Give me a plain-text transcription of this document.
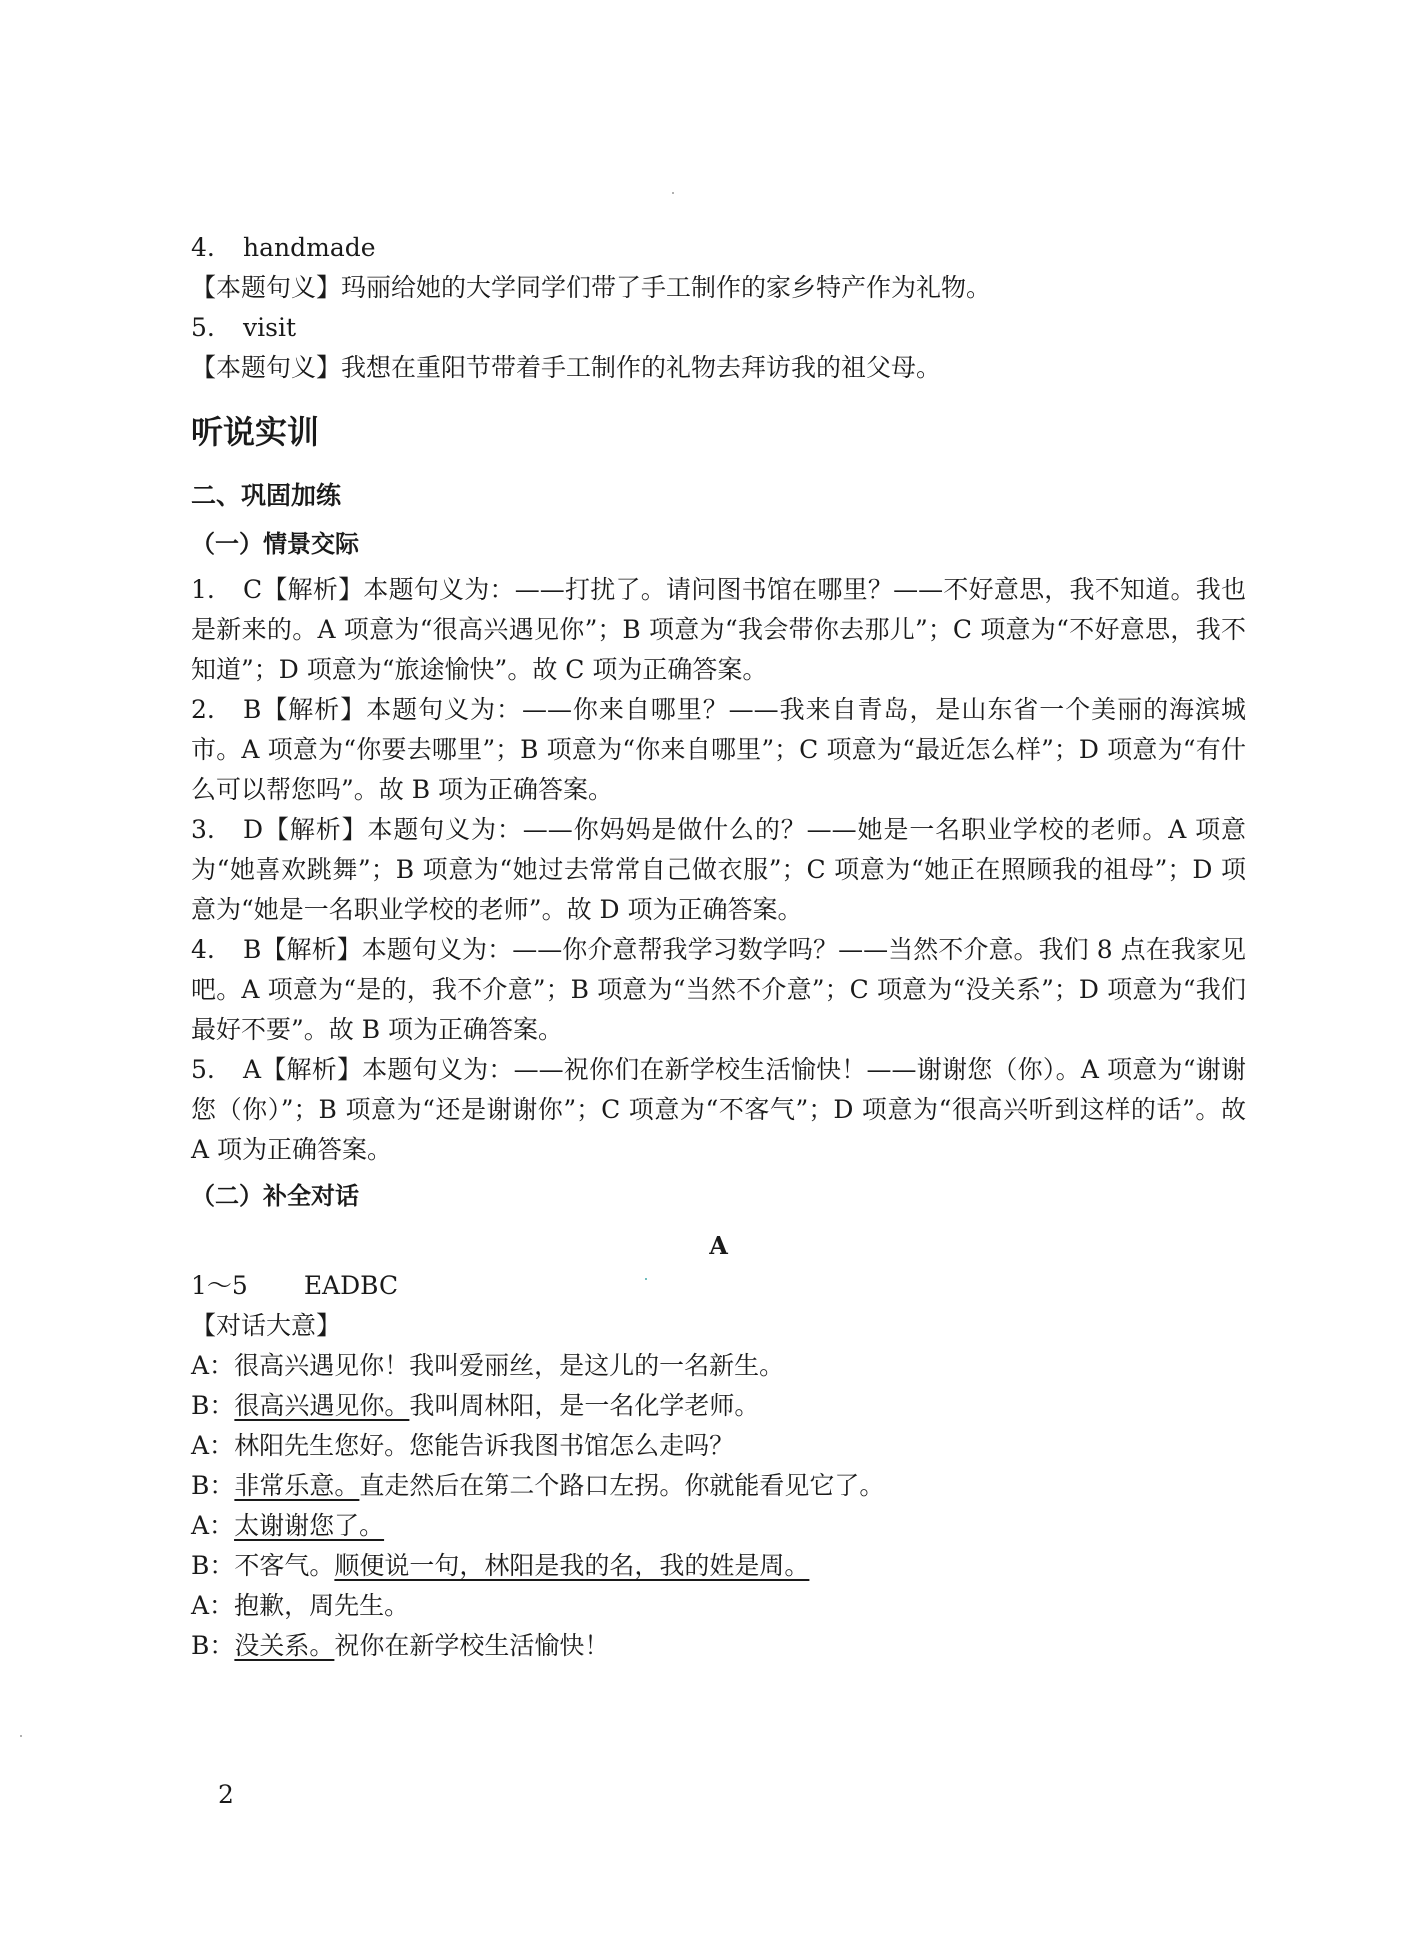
4. handmade
【本题句义】玛丽给她的大学同学们带了手工制作的家乡特产作为礼物。
5. visit
【本题句义】我想在重阳节带着手工制作的礼物去拜访我的祖父母。
听说实训
二、巩固加练
（一）情景交际
1. C【解析】本题句义为：——打扰了。请问图书馆在哪里？——不好意思，我不知道。我也是新来的。A 项意为“很高兴遇见你”；B 项意为“我会带你去那儿”；C 项意为“不好意思，我不知道”；D 项意为“旅途愉快”。故 C 项为正确答案。
2. B【解析】本题句义为：——你来自哪里？——我来自青岛，是山东省一个美丽的海滨城市。A 项意为“你要去哪里”；B 项意为“你来自哪里”；C 项意为“最近怎么样”；D 项意为“有什么可以帮您吗”。故 B 项为正确答案。
3. D【解析】本题句义为：——你妈妈是做什么的？——她是一名职业学校的老师。A 项意为“她喜欢跳舞”；B 项意为“她过去常常自己做衣服”；C 项意为“她正在照顾我的祖母”；D 项意为“她是一名职业学校的老师”。故 D 项为正确答案。
4. B【解析】本题句义为：——你介意帮我学习数学吗？——当然不介意。我们 8 点在我家见吧。A 项意为“是的，我不介意”；B 项意为“当然不介意”；C 项意为“没关系”；D 项意为“我们最好不要”。故 B 项为正确答案。
5. A【解析】本题句义为：——祝你们在新学校生活愉快！——谢谢您（你）。A 项意为“谢谢您（你）”；B 项意为“还是谢谢你”；C 项意为“不客气”；D 项意为“很高兴听到这样的话”。故 A 项为正确答案。
（二）补全对话
A
1～5 EADBC
【对话大意】
A：很高兴遇见你！我叫爱丽丝，是这儿的一名新生。
B：很高兴遇见你。我叫周林阳，是一名化学老师。
A：林阳先生您好。您能告诉我图书馆怎么走吗？
B：非常乐意。直走然后在第二个路口左拐。你就能看见它了。
A：太谢谢您了。
B：不客气。顺便说一句，林阳是我的名，我的姓是周。
A：抱歉，周先生。
B：没关系。祝你在新学校生活愉快！
2
